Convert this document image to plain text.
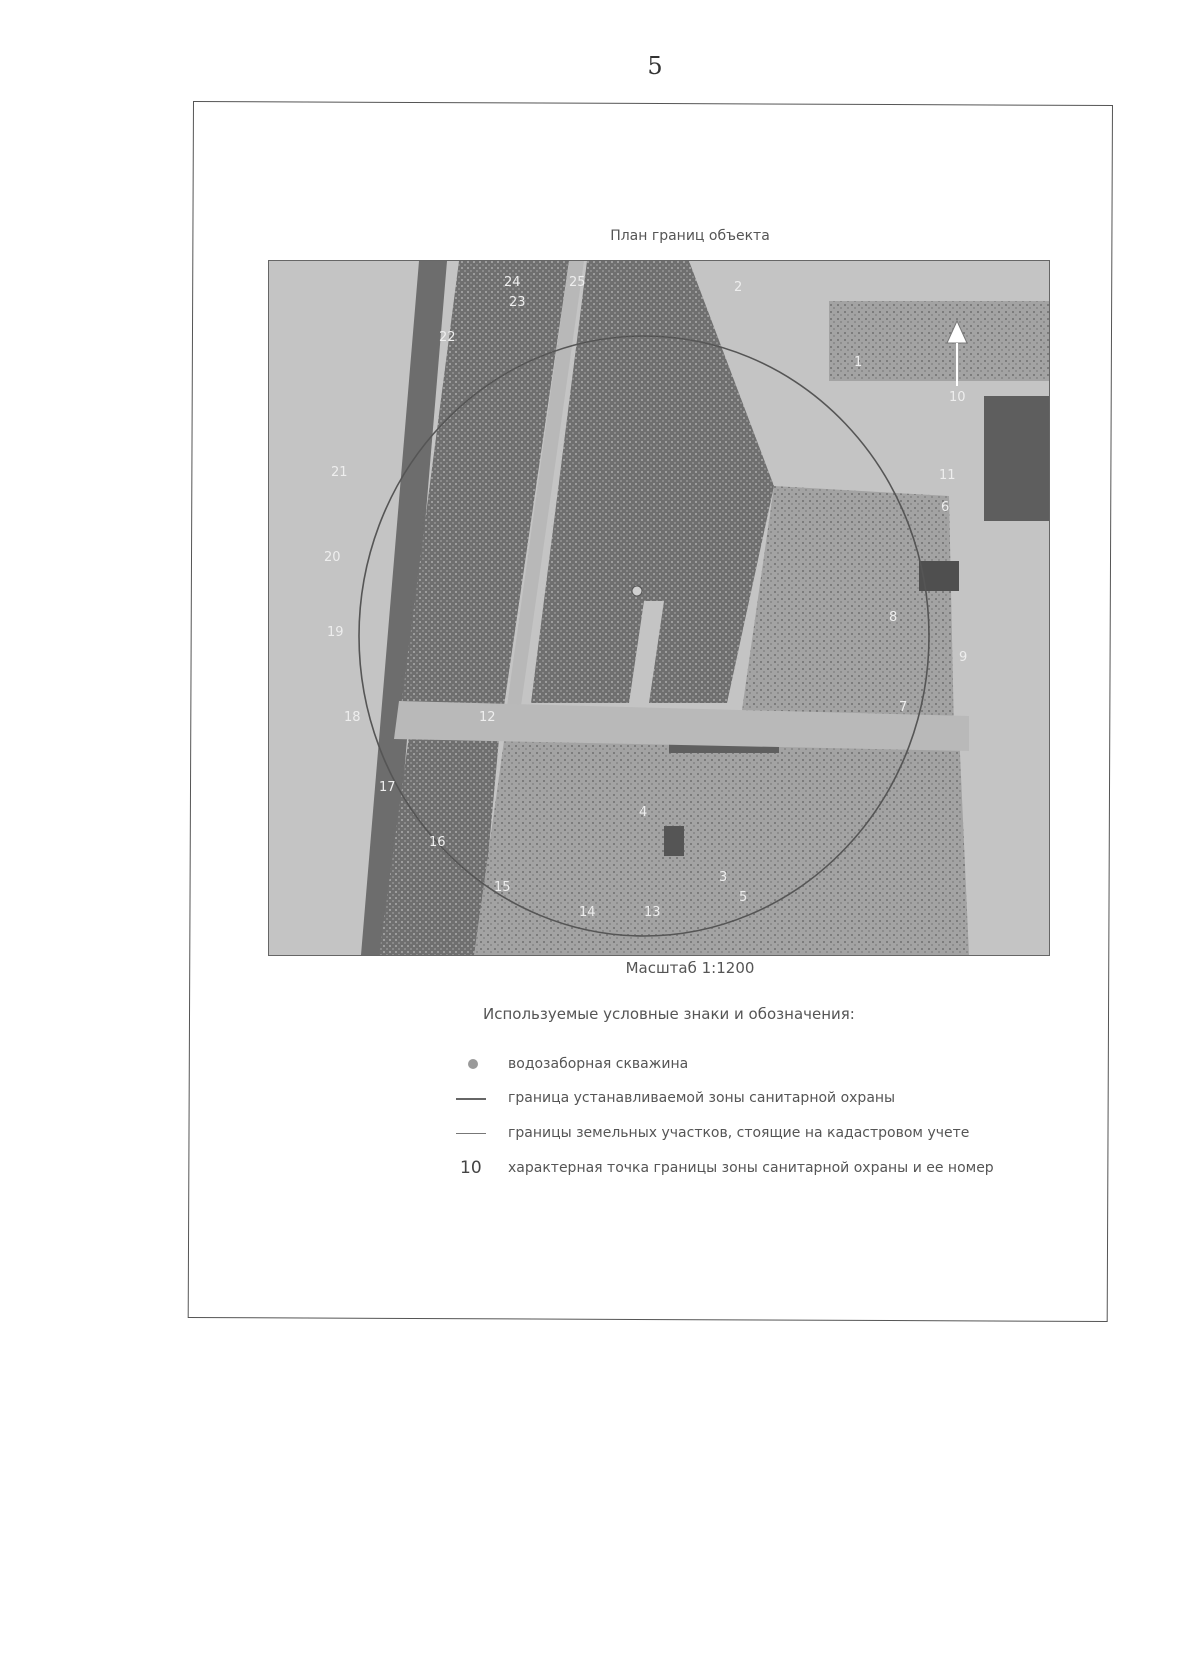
5
План границ объекта
2
1
10
11
6
9
8
7
4
3
5
24	25
23
22
21
20
19
18
17
16
15
14	13
12
Масштаб 1:1200
Используемые условные знаки и обозначения:
водозаборная скважина
граница устанавливаемой зоны санитарной охраны
границы земельных участков, стоящие на кадастровом учете
10 характерная точка границы зоны санитарной охраны и ее номер
